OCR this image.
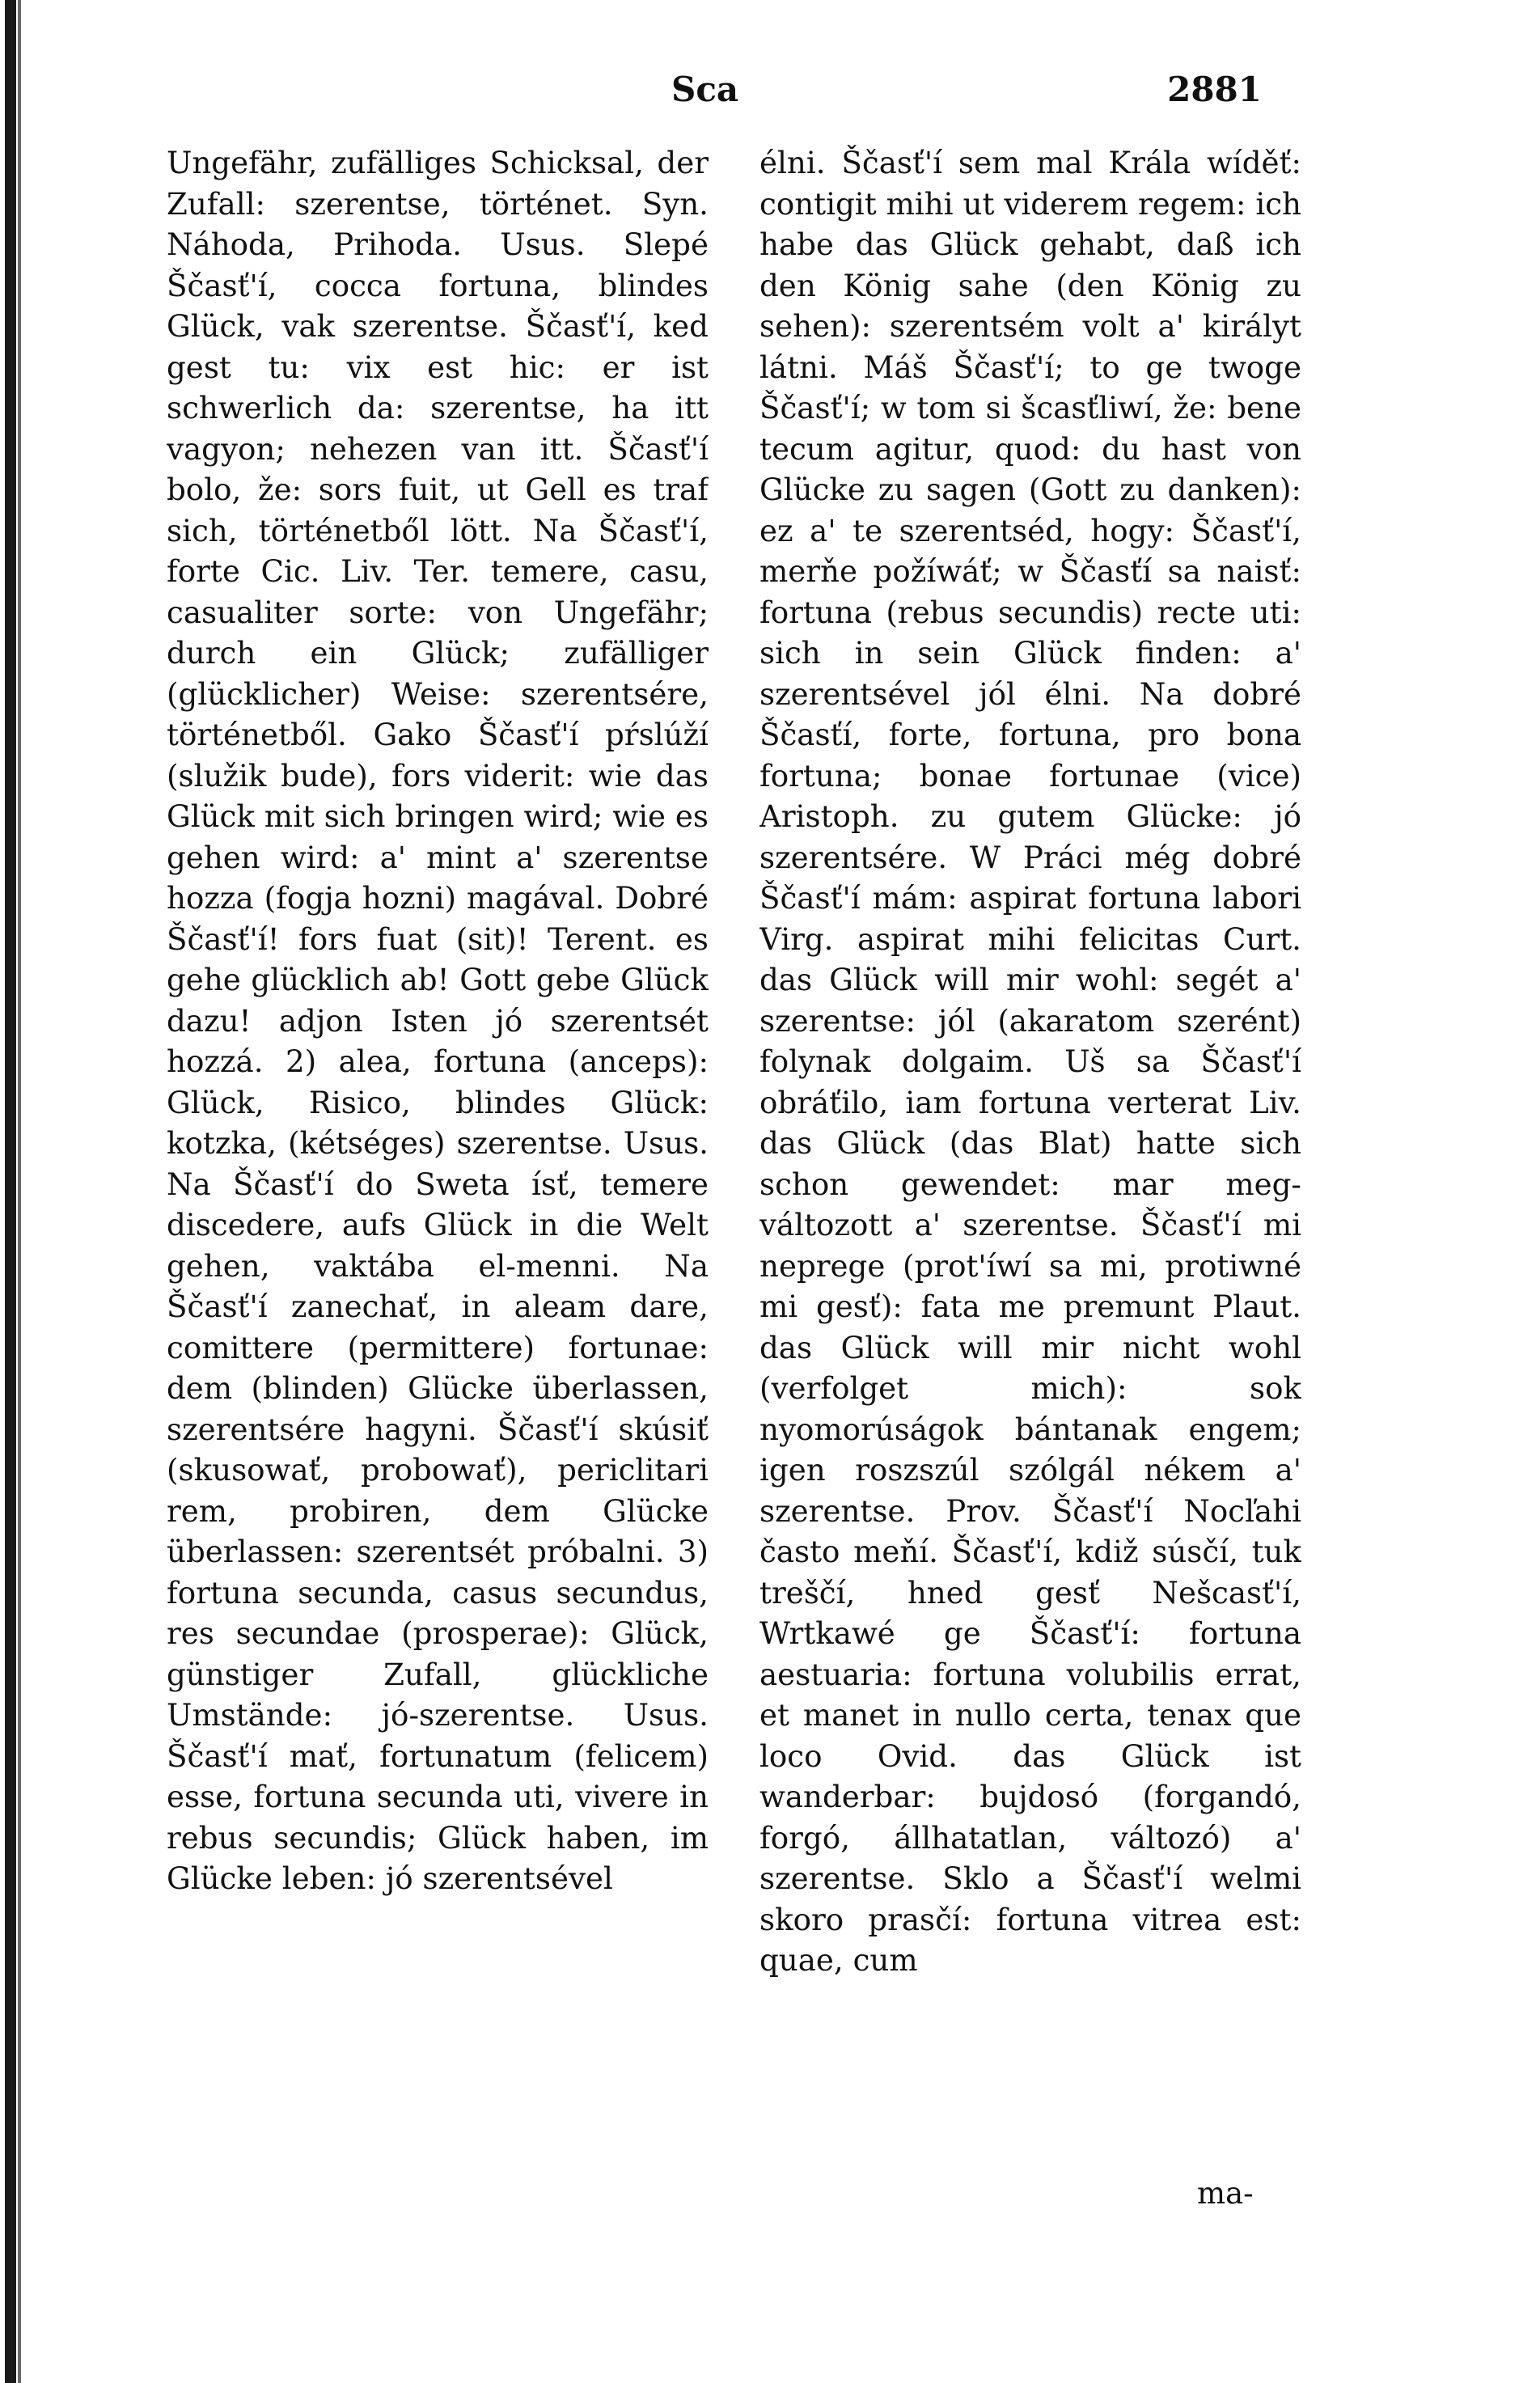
Sca	2881
Ungefähr, zufälliges Schicksal, der Zufall: szerentse, történet. Syn. Náhoda, Prihoda. Usus. Slepé Ščasť'í, cocca fortuna, blindes Glück, vak szerentse. Ščasť'í, ked gest tu: vix est hic: er ist schwerlich da: szerentse, ha itt vagyon; nehezen van itt. Ščasť'í bolo, že: sors fuit, ut Gell es traf sich, történetből lött. Na Ščasť'í, forte Cic. Liv. Ter. temere, casu, casualiter sorte: von Ungefähr; durch ein Glück; zufälliger (glücklicher) Weise: szerentsére, történetből. Gako Ščasť'í pŕslúží (služik bude), fors viderit: wie das Glück mit sich bringen wird; wie es gehen wird: a' mint a' szerentse hozza (fogja hozni) magával. Dobré Ščasť'í! fors fuat (sit)! Terent. es gehe glücklich ab! Gott gebe Glück dazu! adjon Isten jó szerentsét hozzá. 2) alea, fortuna (anceps): Glück, Risico, blindes Glück: kotzka, (kétséges) szerentse. Usus. Na Ščasť'í do Sweta ísť, temere discedere, aufs Glück in die Welt gehen, vaktába el-menni. Na Ščasť'í zanechať, in aleam dare, comittere (permittere) fortunae: dem (blinden) Glücke überlassen, szerentsére hagyni. Ščasť'í skúsiť (skusowať, probowať), periclitari rem, probiren, dem Glücke überlassen: szerentsét próbalni. 3) fortuna secunda, casus secundus, res secundae (prosperae): Glück, günstiger Zufall, glückliche Umstände: jó-szerentse. Usus. Ščasť'í mať, fortunatum (felicem) esse, fortuna secunda uti, vivere in rebus secundis; Glück haben, im Glücke leben: jó szerentsével
élni. Ščasť'í sem mal Krála wíděť: contigit mihi ut viderem regem: ich habe das Glück gehabt, daß ich den König sahe (den König zu sehen): szerentsém volt a' királyt látni. Máš Ščasť'í; to ge twoge Ščasť'í; w tom si šcasťliwí, že: bene tecum agitur, quod: du hast von Glücke zu sagen (Gott zu danken): ez a' te szerentséd, hogy: Ščasť'í, merňe požíwáť; w Ščasťí sa naisť: fortuna (rebus secundis) recte uti: sich in sein Glück finden: a' szerentsével jól élni. Na dobré Ščasťí, forte, fortuna, pro bona fortuna; bonae fortunae (vice) Aristoph. zu gutem Glücke: jó szerentsére. W Práci még dobré Ščasť'í mám: aspirat fortuna labori Virg. aspirat mihi felicitas Curt. das Glück will mir wohl: segét a' szerentse: jól (akaratom szerént) folynak dolgaim. Uš sa Ščasť'í obráťilo, iam fortuna verterat Liv. das Glück (das Blat) hatte sich schon gewendet: mar meg-változott a' szerentse. Ščasť'í mi neprege (prot'íwí sa mi, protiwné mi gesť): fata me premunt Plaut. das Glück will mir nicht wohl (verfolget mich): sok nyomorúságok bántanak engem; igen roszszúl szólgál nékem a' szerentse. Prov. Ščasť'í Nocľahi často meňí. Ščasť'í, kdiž súsčí, tuk treščí, hned gesť Nešcasť'í, Wrtkawé ge Ščasť'í: fortuna aestuaria: fortuna volubilis errat, et manet in nullo certa, tenax que loco Ovid. das Glück ist wanderbar: bujdosó (forgandó, forgó, állhatatlan, változó) a' szerentse. Sklo a Ščasť'í welmi skoro prasčí: fortuna vitrea est: quae, cum
ma-
